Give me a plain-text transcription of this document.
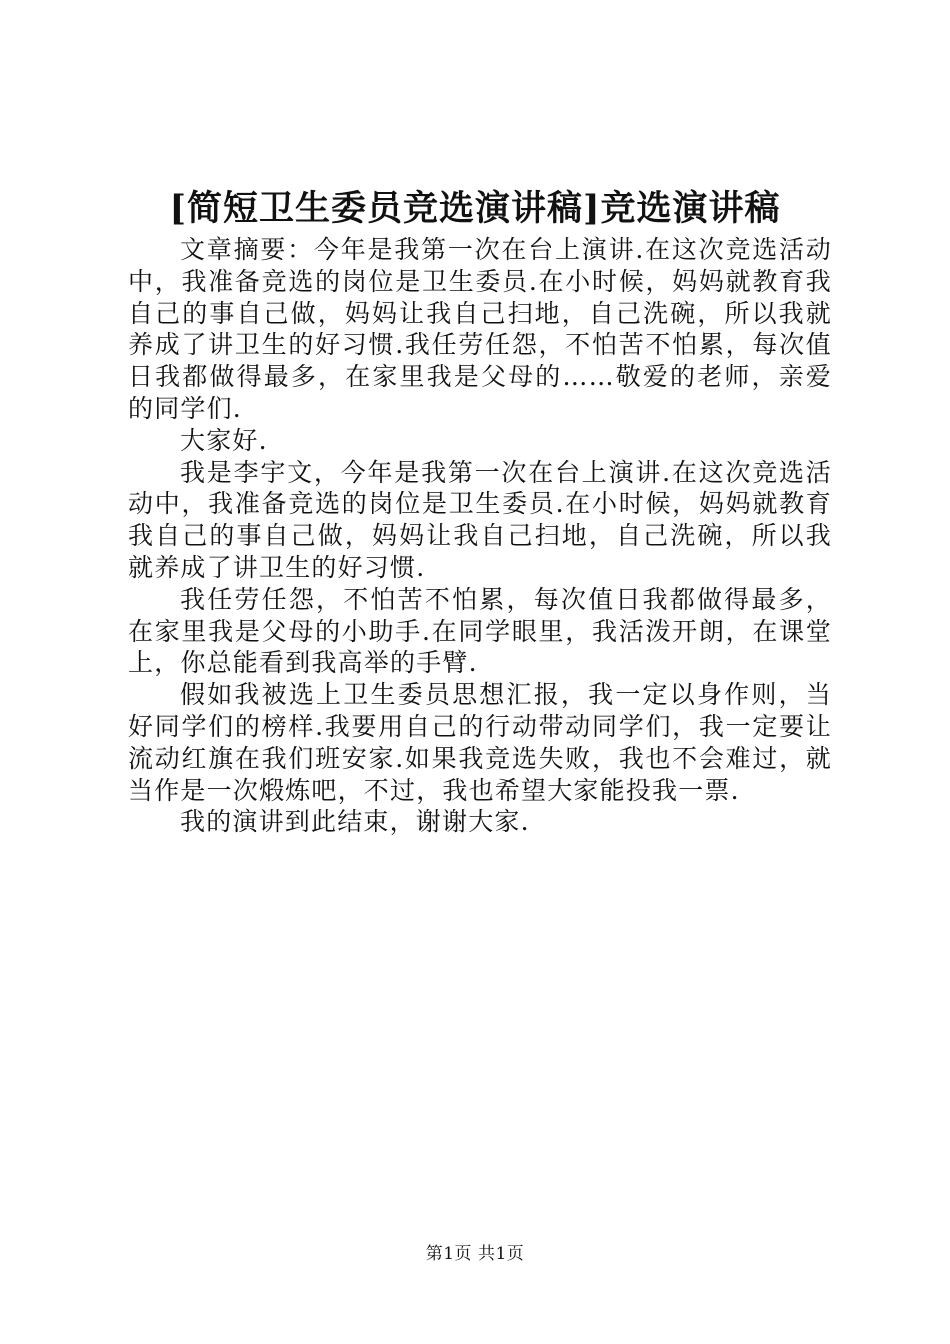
[简短卫生委员竞选演讲稿]竞选演讲稿

文章摘要：今年是我第一次在台上演讲.在这次竞选活动中，我准备竞选的岗位是卫生委员.在小时候，妈妈就教育我自己的事自己做，妈妈让我自己扫地，自己洗碗，所以我就养成了讲卫生的好习惯.我任劳任怨，不怕苦不怕累，每次值日我都做得最多，在家里我是父母的……敬爱的老师，亲爱的同学们.

大家好.

我是李宇文，今年是我第一次在台上演讲.在这次竞选活动中，我准备竞选的岗位是卫生委员.在小时候，妈妈就教育我自己的事自己做，妈妈让我自己扫地，自己洗碗，所以我就养成了讲卫生的好习惯.

我任劳任怨，不怕苦不怕累，每次值日我都做得最多，在家里我是父母的小助手.在同学眼里，我活泼开朗，在课堂上，你总能看到我高举的手臂.

假如我被选上卫生委员思想汇报，我一定以身作则，当好同学们的榜样.我要用自己的行动带动同学们，我一定要让流动红旗在我们班安家.如果我竞选失败，我也不会难过，就当作是一次煅炼吧，不过，我也希望大家能投我一票.

我的演讲到此结束，谢谢大家.

第1页 共1页
